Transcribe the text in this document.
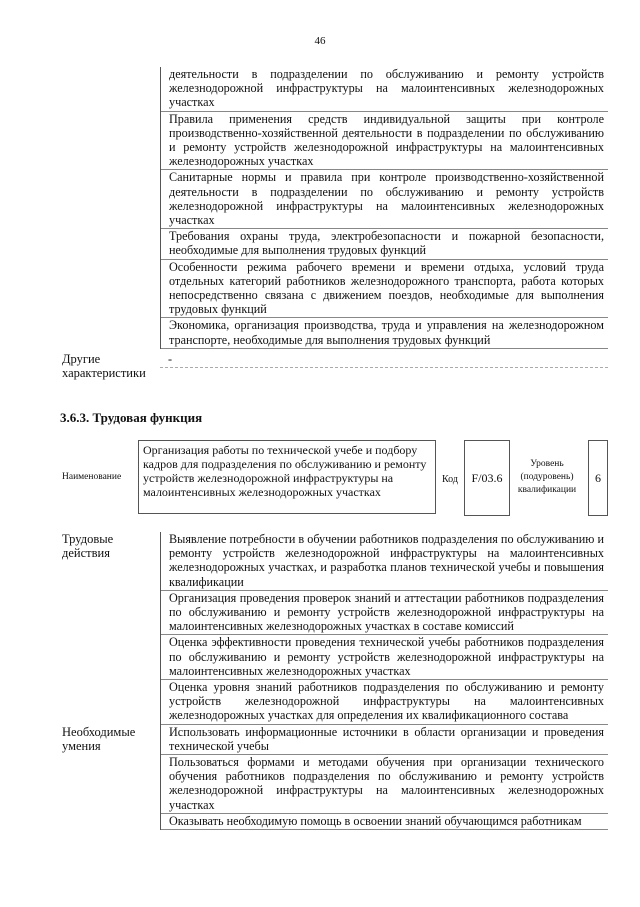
46
деятельности в подразделении по обслуживанию и ремонту устройств железнодорожной инфраструктуры на малоинтенсивных железнодорожных участках
Правила применения средств индивидуальной защиты при контроле производственно-хозяйственной деятельности в подразделении по обслуживанию и ремонту устройств железнодорожной инфраструктуры на малоинтенсивных железнодорожных участках
Санитарные нормы и правила при контроле производственно-хозяйственной деятельности в подразделении по обслуживанию и ремонту устройств железнодорожной инфраструктуры на малоинтенсивных железнодорожных участках
Требования охраны труда, электробезопасности и пожарной безопасности, необходимые для выполнения трудовых функций
Особенности режима рабочего времени и времени отдыха, условий труда отдельных категорий работников железнодорожного транспорта, работа которых непосредственно связана с движением поездов, необходимые для выполнения трудовых функций
Экономика, организация производства, труда и управления на железнодорожном транспорте, необходимые для выполнения трудовых функций
Другие характеристики
-
3.6.3. Трудовая функция
Наименование
Организация работы по технической учебе и подбору кадров для подразделения по обслуживанию и ремонту устройств железнодорожной инфраструктуры на малоинтенсивных железнодорожных участках
Код	F/03.6
Уровень (подуровень) квалификации
6
Трудовые действия
Выявление потребности в обучении работников подразделения по обслуживанию и ремонту устройств железнодорожной инфраструктуры на малоинтенсивных железнодорожных участках, и разработка планов технической учебы и повышения квалификации
Организация проведения проверок знаний и аттестации работников подразделения по обслуживанию и ремонту устройств железнодорожной инфраструктуры на малоинтенсивных железнодорожных участках в составе комиссий
Оценка эффективности проведения технической учебы работников подразделения по обслуживанию и ремонту устройств железнодорожной инфраструктуры на малоинтенсивных железнодорожных участках
Оценка уровня знаний работников подразделения по обслуживанию и ремонту устройств железнодорожной инфраструктуры на малоинтенсивных железнодорожных участках для определения их квалификационного состава
Необходимые умения
Использовать информационные источники в области организации и проведения технической учебы
Пользоваться формами и методами обучения при организации технического обучения работников подразделения по обслуживанию и ремонту устройств железнодорожной инфраструктуры на малоинтенсивных железнодорожных участках
Оказывать необходимую помощь в освоении знаний обучающимся работникам
